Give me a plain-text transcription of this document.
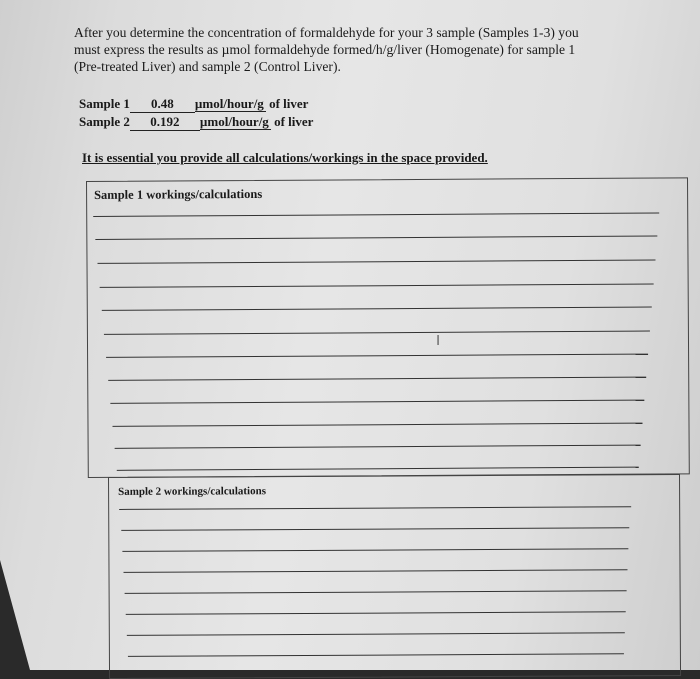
After you determine the concentration of formaldehyde for your 3 sample (Samples 1-3) you
must express the results as µmol formaldehyde formed/h/g/liver (Homogenate) for sample 1
(Pre-treated Liver) and sample 2 (Control Liver).
Sample 1 0.48 µmol/hour/g of liver
Sample 2 0.192 µmol/hour/g of liver
It is essential you provide all calculations/workings in the space provided.
Sample 1 workings/calculations
Ⅰ
Sample 2 workings/calculations
